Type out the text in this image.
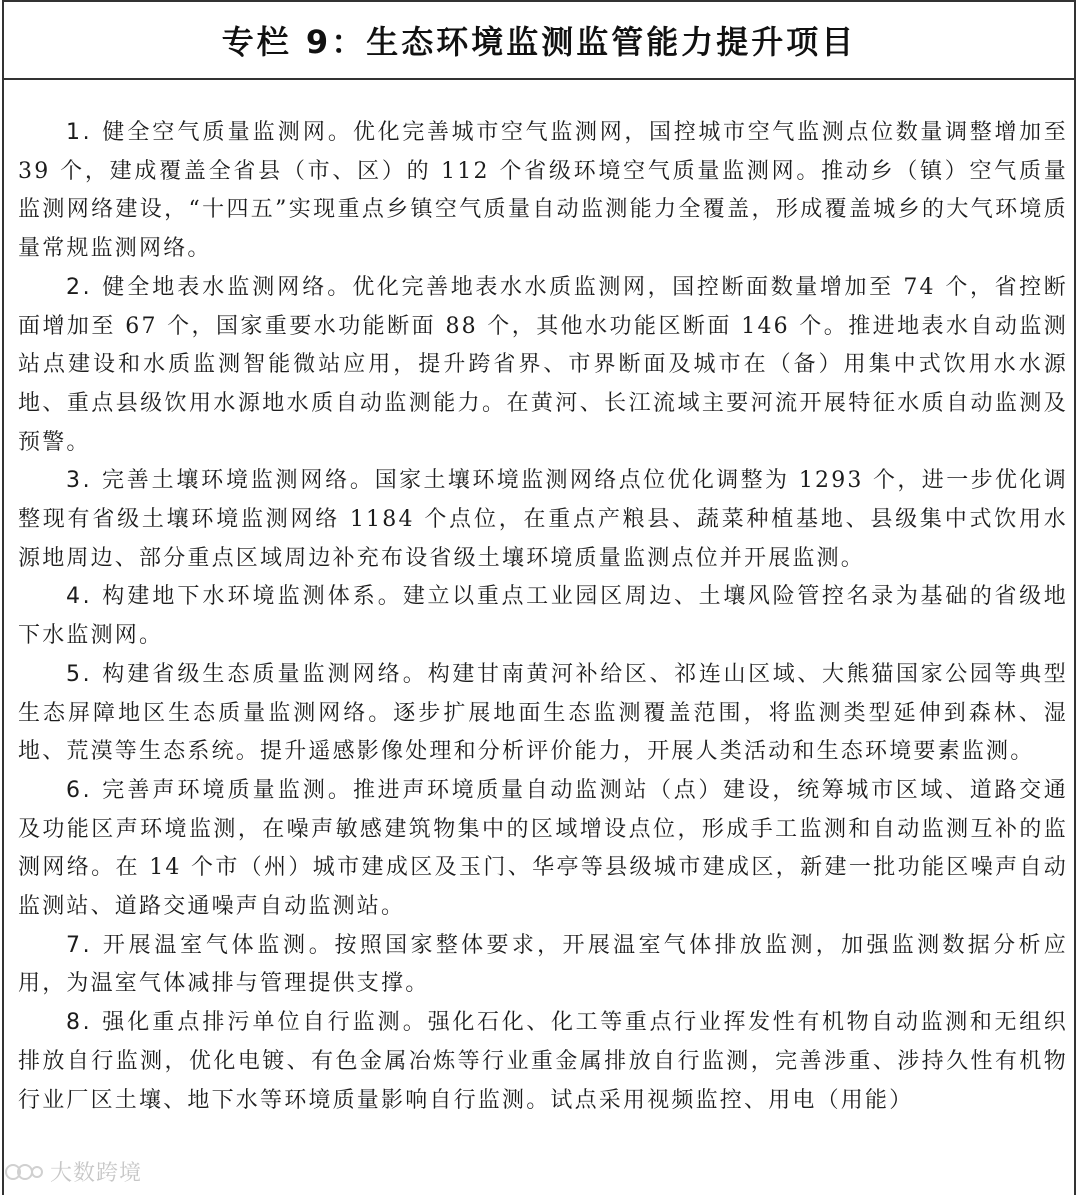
专栏 9：生态环境监测监管能力提升项目

1. 健全空气质量监测网。优化完善城市空气监测网，国控城市空气监测点位数量调整增加至 39 个，建成覆盖全省县（市、区）的 112 个省级环境空气质量监测网。推动乡（镇）空气质量监测网络建设，“十四五”实现重点乡镇空气质量自动监测能力全覆盖，形成覆盖城乡的大气环境质量常规监测网络。

2. 健全地表水监测网络。优化完善地表水水质监测网，国控断面数量增加至 74 个，省控断面增加至 67 个，国家重要水功能断面 88 个，其他水功能区断面 146 个。推进地表水自动监测站点建设和水质监测智能微站应用，提升跨省界、市界断面及城市在（备）用集中式饮用水水源地、重点县级饮用水源地水质自动监测能力。在黄河、长江流域主要河流开展特征水质自动监测及预警。

3. 完善土壤环境监测网络。国家土壤环境监测网络点位优化调整为 1293 个，进一步优化调整现有省级土壤环境监测网络 1184 个点位，在重点产粮县、蔬菜种植基地、县级集中式饮用水源地周边、部分重点区域周边补充布设省级土壤环境质量监测点位并开展监测。

4. 构建地下水环境监测体系。建立以重点工业园区周边、土壤风险管控名录为基础的省级地下水监测网。

5. 构建省级生态质量监测网络。构建甘南黄河补给区、祁连山区域、大熊猫国家公园等典型生态屏障地区生态质量监测网络。逐步扩展地面生态监测覆盖范围，将监测类型延伸到森林、湿地、荒漠等生态系统。提升遥感影像处理和分析评价能力，开展人类活动和生态环境要素监测。

6. 完善声环境质量监测。推进声环境质量自动监测站（点）建设，统筹城市区域、道路交通及功能区声环境监测，在噪声敏感建筑物集中的区域增设点位，形成手工监测和自动监测互补的监测网络。在 14 个市（州）城市建成区及玉门、华亭等县级城市建成区，新建一批功能区噪声自动监测站、道路交通噪声自动监测站。

7. 开展温室气体监测。按照国家整体要求，开展温室气体排放监测，加强监测数据分析应用，为温室气体减排与管理提供支撑。

8. 强化重点排污单位自行监测。强化石化、化工等重点行业挥发性有机物自动监测和无组织排放自行监测，优化电镀、有色金属冶炼等行业重金属排放自行监测，完善涉重、涉持久性有机物行业厂区土壤、地下水等环境质量影响自行监测。试点采用视频监控、用电（用能）

大数跨境
